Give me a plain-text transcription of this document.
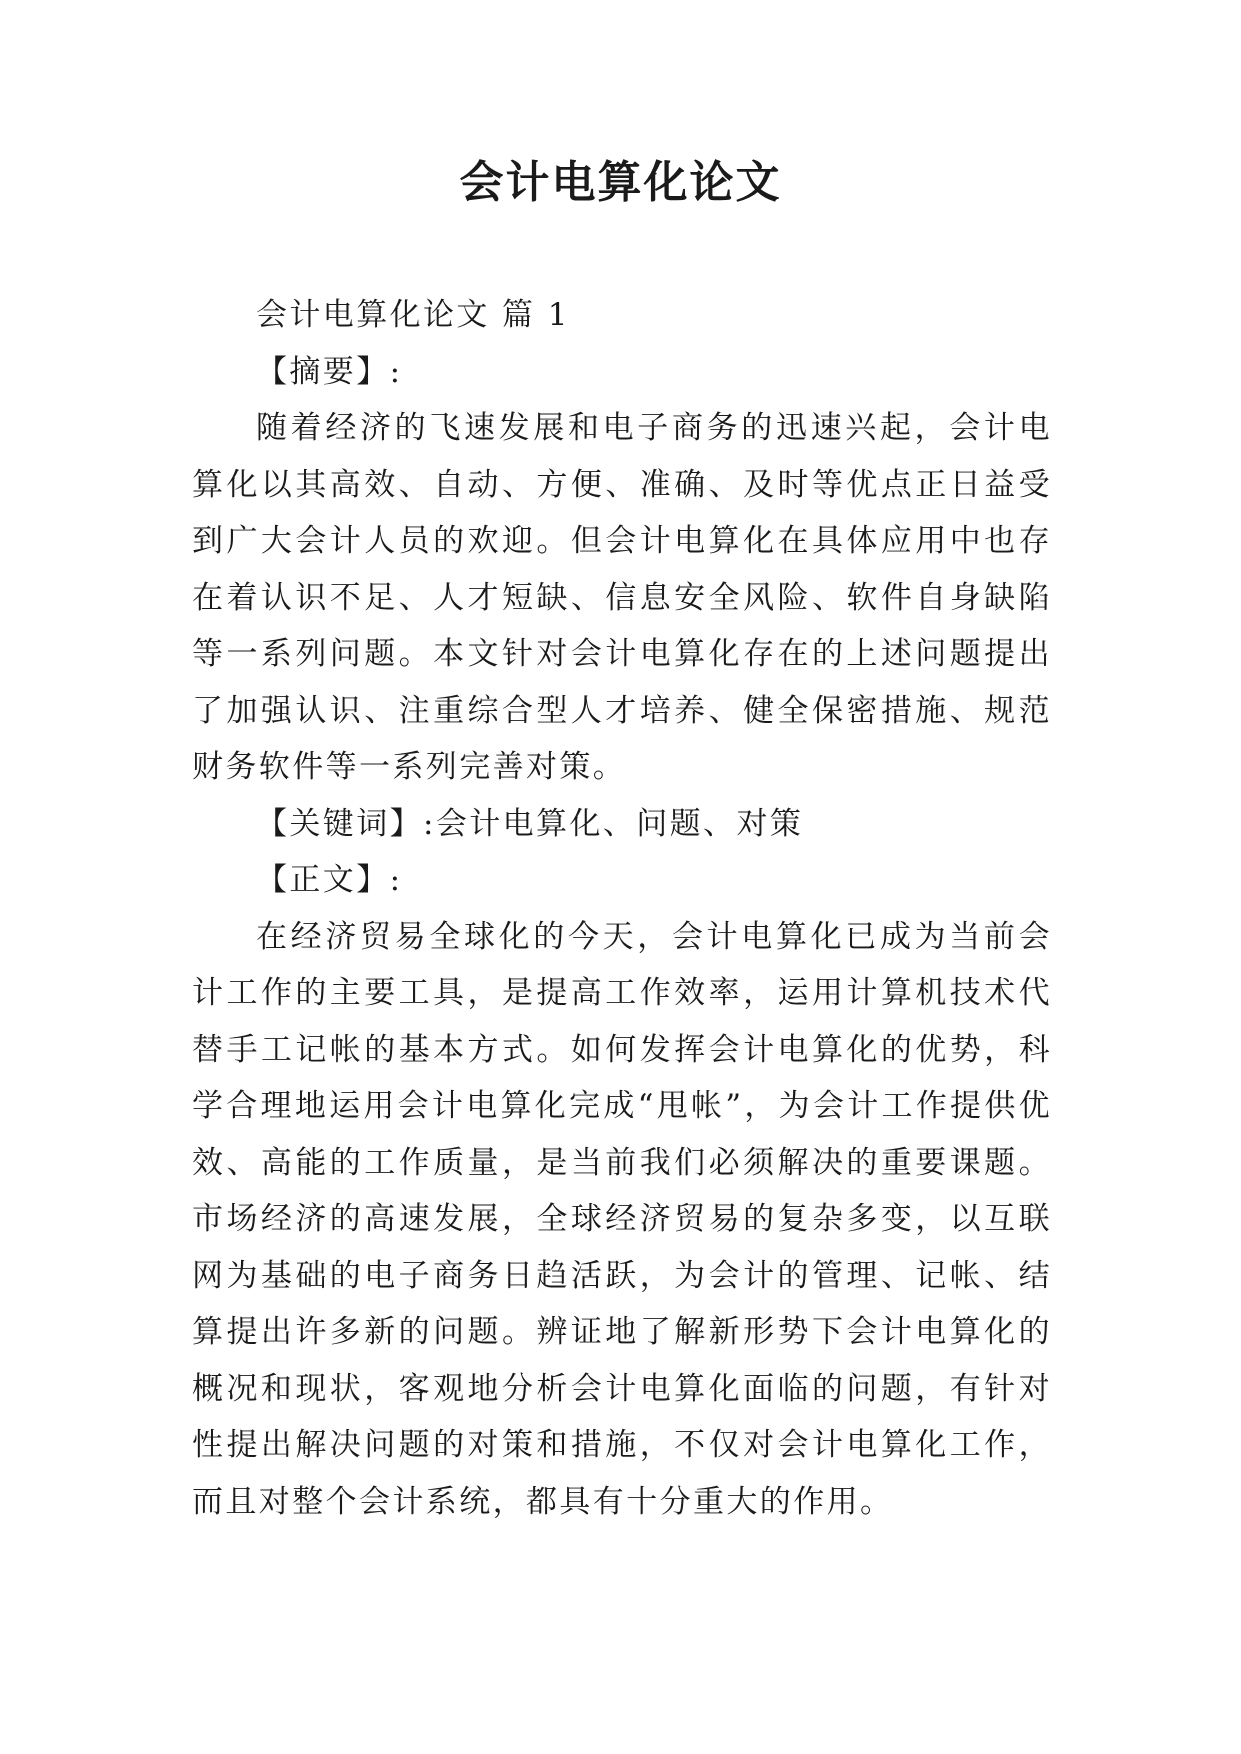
会计电算化论文

会计电算化论文 篇 1

【摘要】:

随着经济的飞速发展和电子商务的迅速兴起，会计电算化以其高效、自动、方便、准确、及时等优点正日益受到广大会计人员的欢迎。但会计电算化在具体应用中也存在着认识不足、人才短缺、信息安全风险、软件自身缺陷等一系列问题。本文针对会计电算化存在的上述问题提出了加强认识、注重综合型人才培养、健全保密措施、规范财务软件等一系列完善对策。

【关键词】:会计电算化、问题、对策

【正文】:

在经济贸易全球化的今天，会计电算化已成为当前会计工作的主要工具，是提高工作效率，运用计算机技术代替手工记帐的基本方式。如何发挥会计电算化的优势，科学合理地运用会计电算化完成“甩帐”，为会计工作提供优效、高能的工作质量，是当前我们必须解决的重要课题。市场经济的高速发展，全球经济贸易的复杂多变，以互联网为基础的电子商务日趋活跃，为会计的管理、记帐、结算提出许多新的问题。辨证地了解新形势下会计电算化的概况和现状，客观地分析会计电算化面临的问题，有针对性提出解决问题的对策和措施，不仅对会计电算化工作，而且对整个会计系统，都具有十分重大的作用。
